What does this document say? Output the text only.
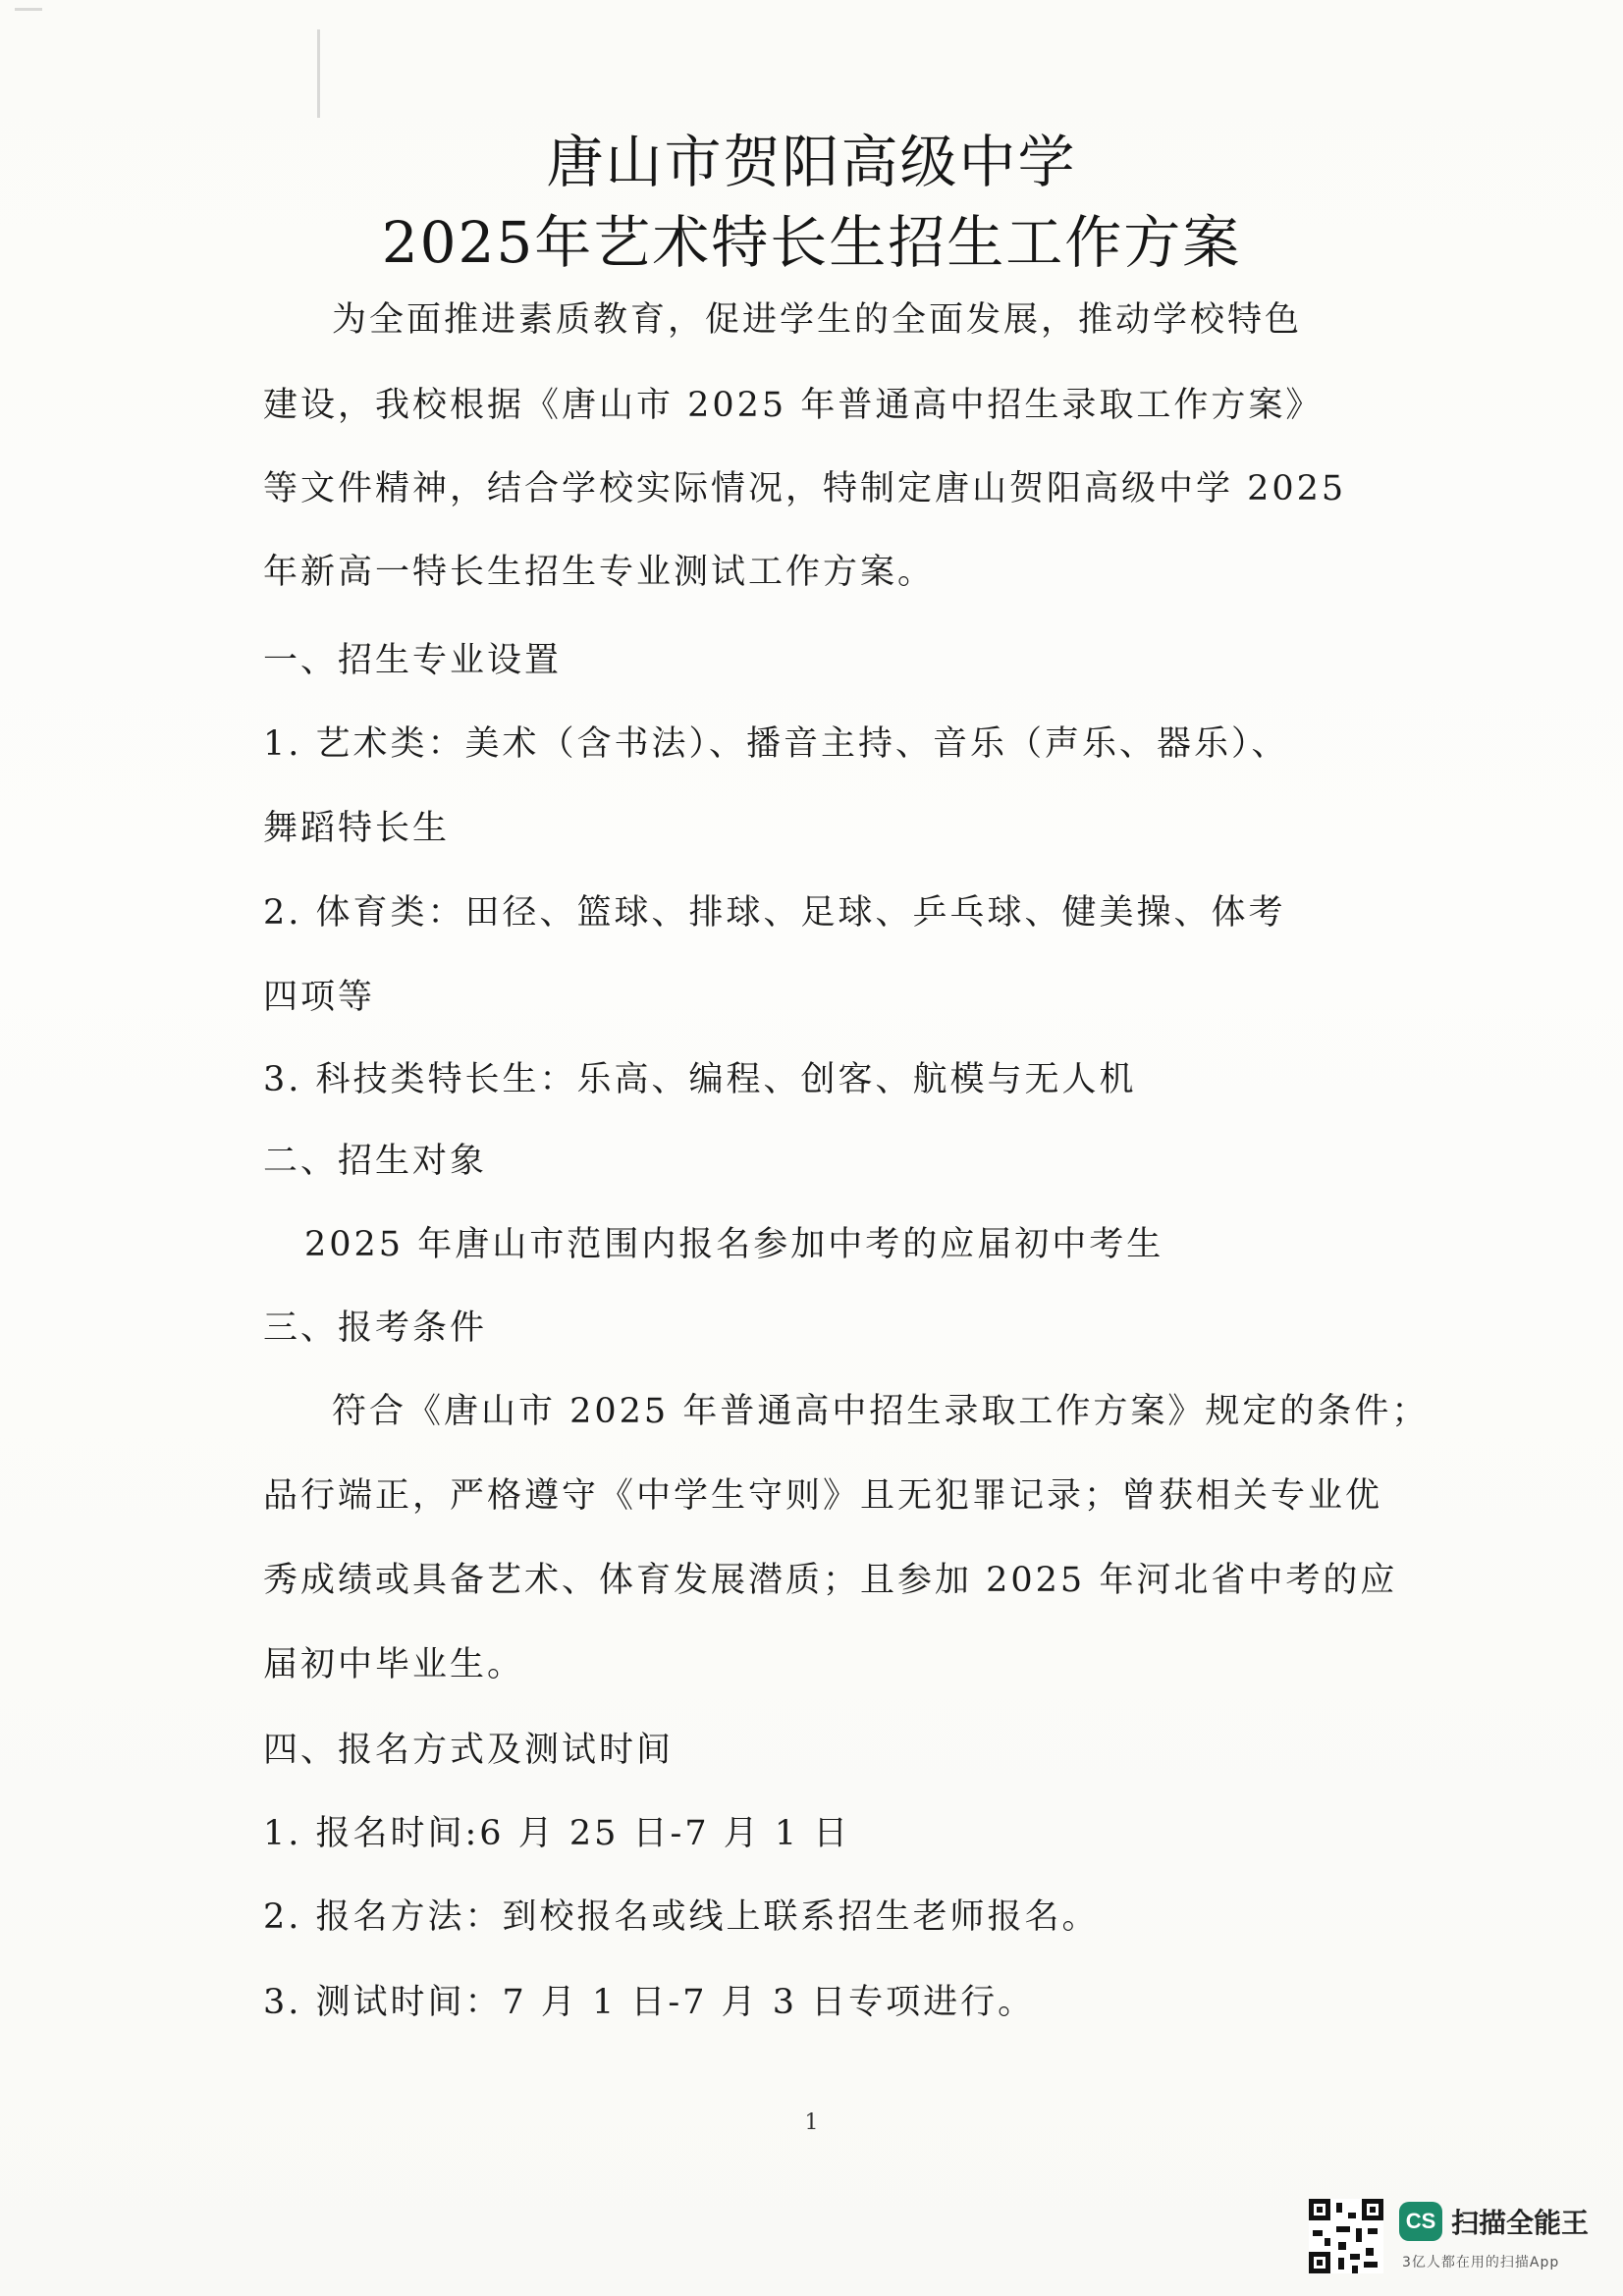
唐山市贺阳高级中学
2025年艺术特长生招生工作方案
为全面推进素质教育，促进学生的全面发展，推动学校特色
建设，我校根据《唐山市 2025 年普通高中招生录取工作方案》
等文件精神，结合学校实际情况，特制定唐山贺阳高级中学 2025
年新高一特长生招生专业测试工作方案。
一、招生专业设置
1. 艺术类：美术（含书法）、播音主持、音乐（声乐、器乐）、
舞蹈特长生
2. 体育类：田径、篮球、排球、足球、乒乓球、健美操、体考
四项等
3. 科技类特长生：乐高、编程、创客、航模与无人机
二、招生对象
2025 年唐山市范围内报名参加中考的应届初中考生
三、报考条件
符合《唐山市 2025 年普通高中招生录取工作方案》规定的条件；
品行端正，严格遵守《中学生守则》且无犯罪记录；曾获相关专业优
秀成绩或具备艺术、体育发展潜质；且参加 2025 年河北省中考的应
届初中毕业生。
四、报名方式及测试时间
1. 报名时间:6 月 25 日-7 月 1 日
2. 报名方法：到校报名或线上联系招生老师报名。
3. 测试时间：7 月 1 日-7 月 3 日专项进行。
1
CS 扫描全能王
3亿人都在用的扫描App
